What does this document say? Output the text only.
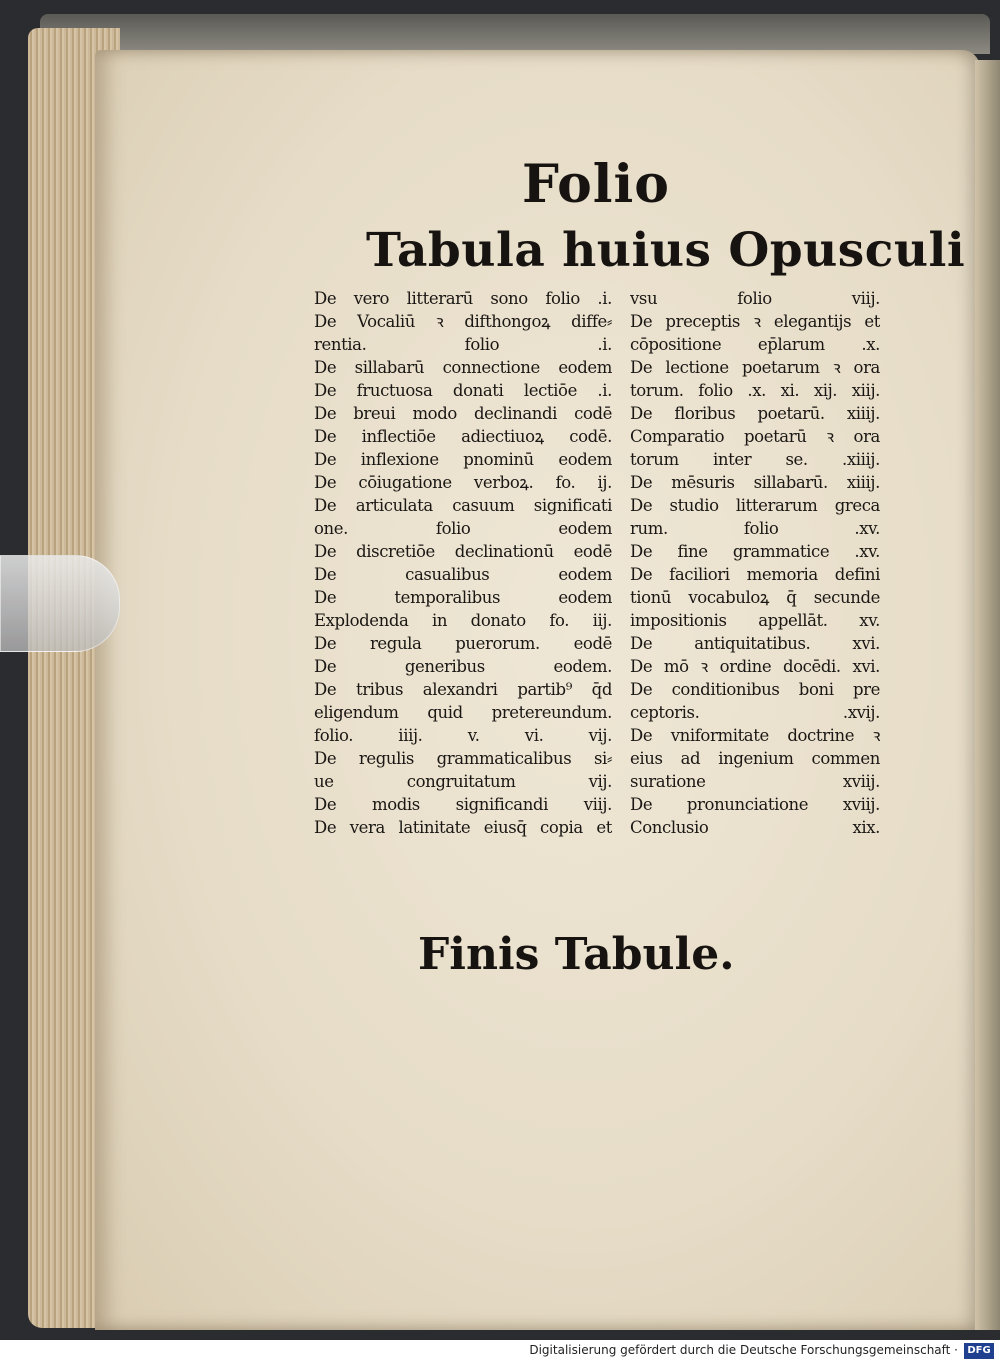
Folio
Tabula huius Opusculi
De vero litterarū sono folio .i.
De Vocaliū ꝛ difthongoꝝ diffe⸗
rentia. folio .i.
De sillabarū connectione eodem
De fructuosa donati lectiōe .i.
De breui modo declinandi codē
De inflectiōe adiectiuoꝝ codē.
De inflexione pnominū eodem
De cōiugatione verboꝝ. fo. ij.
De articulata casuum significati
one. folio eodem
De discretiōe declinationū eodē
De casualibus eodem
De temporalibus eodem
Explodenda in donato fo. iij.
De regula puerorum. eodē
De generibus eodem.
De tribus alexandri partib⁹ q̄d
eligendum quid pretereundum.
folio. iiij. v. vi. vij.
De regulis grammaticalibus si⸗
ue congruitatum vij.
De modis significandi viij.
De vera latinitate eiusq̄ copia et
vsu folio viij.
De preceptis ꝛ elegantijs et
cōpositione ep̄larum .x.
De lectione poetarum ꝛ ora
torum. folio .x. xi. xij. xiij.
De floribus poetarū. xiiij.
Comparatio poetarū ꝛ ora
torum inter se. .xiiij.
De mēsuris sillabarū. xiiij.
De studio litterarum greca
rum. folio .xv.
De fine grammatice .xv.
De faciliori memoria defini
tionū vocabuloꝝ q̄ secunde
impositionis appellāt. xv.
De antiquitatibus. xvi.
De mō ꝛ ordine docēdi. xvi.
De conditionibus boni pre
ceptoris. .xvij.
De vniformitate doctrine ꝛ
eius ad ingenium commen
suratione xviij.
De pronunciatione xviij.
Conclusio xix.

Finis Tabule.

Digitalisierung gefördert durch die Deutsche Forschungsgemeinschaft · DFG
